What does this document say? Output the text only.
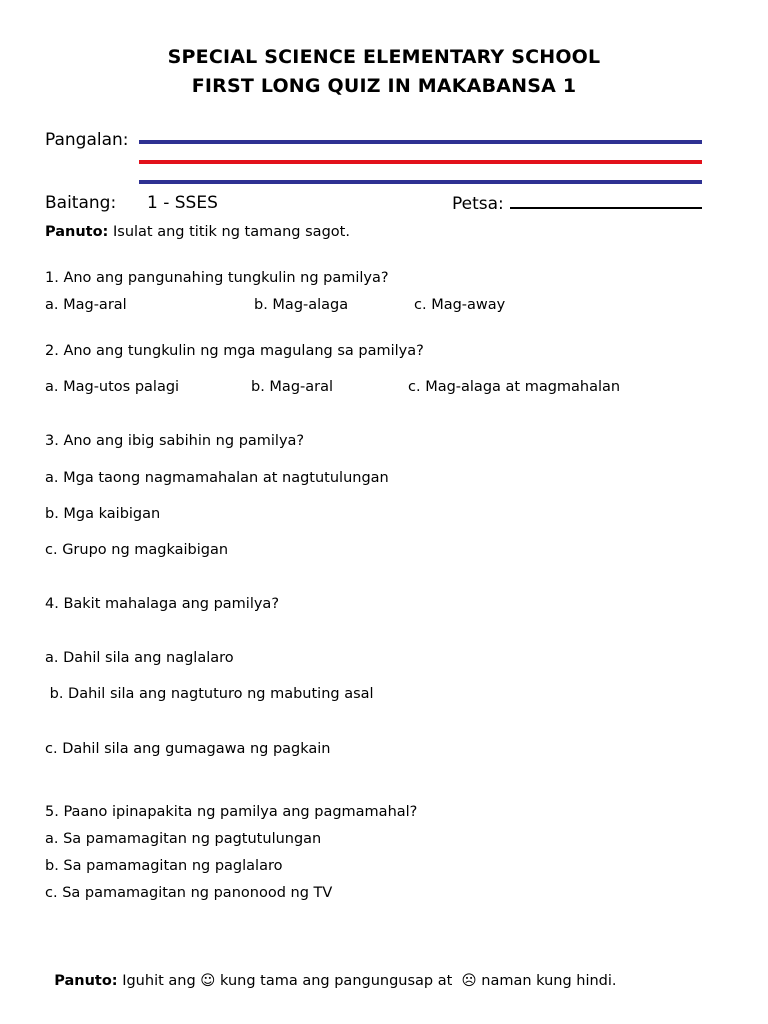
SPECIAL SCIENCE ELEMENTARY SCHOOL
FIRST LONG QUIZ IN MAKABANSA 1
Pangalan:
Baitang: 1 - SSES	Petsa:
Panuto: Isulat ang titik ng tamang sagot.
1. Ano ang pangunahing tungkulin ng pamilya?
a. Mag-aral	b. Mag-alaga	c. Mag-away
2. Ano ang tungkulin ng mga magulang sa pamilya?
a. Mag-utos palagi	b. Mag-aral	c. Mag-alaga at magmahalan
3. Ano ang ibig sabihin ng pamilya?
a. Mga taong nagmamahalan at nagtutulungan
b. Mga kaibigan
c. Grupo ng magkaibigan
4. Bakit mahalaga ang pamilya?
a. Dahil sila ang naglalaro
b. Dahil sila ang nagtuturo ng mabuting asal
c. Dahil sila ang gumagawa ng pagkain
5. Paano ipinapakita ng pamilya ang pagmamahal?
a. Sa pamamagitan ng pagtutulungan
b. Sa pamamagitan ng paglalaro
c. Sa pamamagitan ng panonood ng TV

Panuto: Iguhit ang ☺ kung tama ang pangungusap at  ☹ naman kung hindi.
